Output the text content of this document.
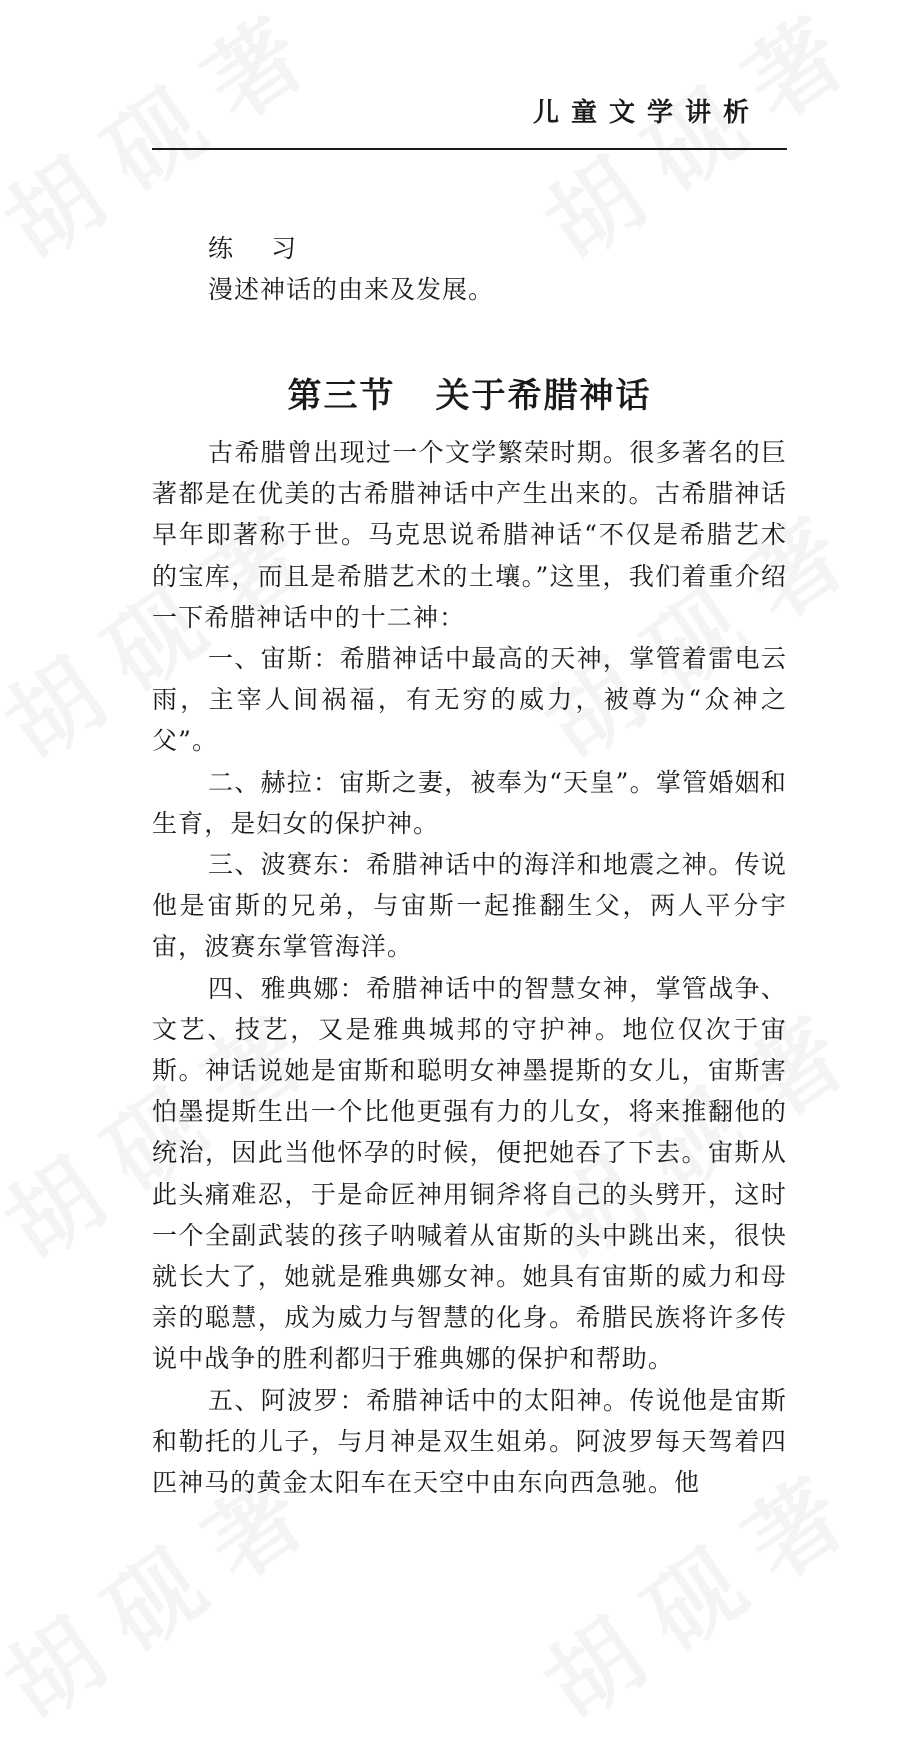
儿童文学讲析
练 习
漫述神话的由来及发展。
第三节 关于希腊神话

古希腊曾出现过一个文学繁荣时期。很多著名的巨著都是在优美的古希腊神话中产生出来的。古希腊神话早年即著称于世。马克思说希腊神话“不仅是希腊艺术的宝库，而且是希腊艺术的土壤。”这里，我们着重介绍一下希腊神话中的十二神：

一、宙斯：希腊神话中最高的天神，掌管着雷电云雨，主宰人间祸福，有无穷的威力，被尊为“众神之父”。

二、赫拉：宙斯之妻，被奉为“天皇”。掌管婚姻和生育，是妇女的保护神。

三、波赛东：希腊神话中的海洋和地震之神。传说他是宙斯的兄弟，与宙斯一起推翻生父，两人平分宇宙，波赛东掌管海洋。

四、雅典娜：希腊神话中的智慧女神，掌管战争、文艺、技艺，又是雅典城邦的守护神。地位仅次于宙斯。神话说她是宙斯和聪明女神墨提斯的女儿，宙斯害怕墨提斯生出一个比他更强有力的儿女，将来推翻他的统治，因此当他怀孕的时候，便把她吞了下去。宙斯从此头痛难忍，于是命匠神用铜斧将自己的头劈开，这时一个全副武装的孩子呐喊着从宙斯的头中跳出来，很快就长大了，她就是雅典娜女神。她具有宙斯的威力和母亲的聪慧，成为威力与智慧的化身。希腊民族将许多传说中战争的胜利都归于雅典娜的保护和帮助。

五、阿波罗：希腊神话中的太阳神。传说他是宙斯和勒托的儿子，与月神是双生姐弟。阿波罗每天驾着四匹神马的黄金太阳车在天空中由东向西急驰。他
